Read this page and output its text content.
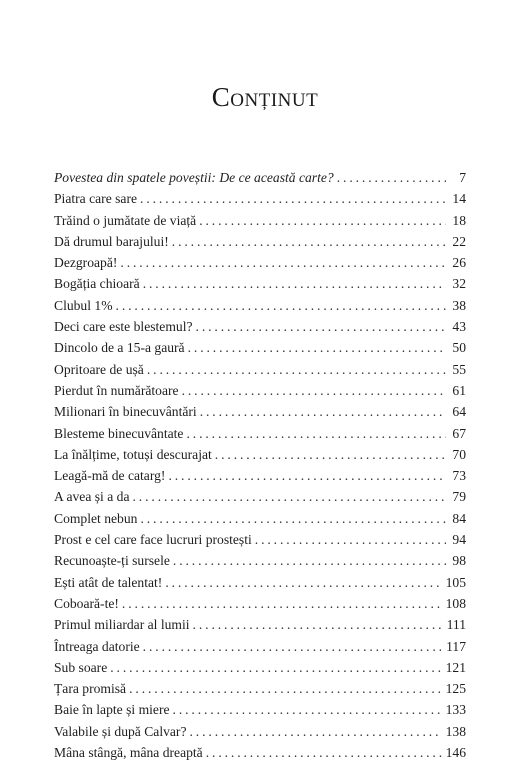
Conținut
Povestea din spatele poveștii: De ce această carte? . . .	7
Piatra care sare . . .	14
Trăind o jumătate de viață . . .	18
Dă drumul barajului! . . .	22
Dezgroapă! . . .	26
Bogăția chioară . . .	32
Clubul 1% . . .	38
Deci care este blestemul? . . .	43
Dincolo de a 15-a gaură . . .	50
Opritoare de ușă . . .	55
Pierdut în numărătoare . . .	61
Milionari în binecuvântări . . .	64
Blesteme binecuvântate . . .	67
La înălțime, totuși descurajat . . .	70
Leagă-mă de catarg! . . .	73
A avea și a da . . .	79
Complet nebun . . .	84
Prost e cel care face lucruri prostești . . .	94
Recunoaște-ți sursele . . .	98
Ești atât de talentat! . . .	105
Coboară-te! . . .	108
Primul miliardar al lumii . . .	111
Întreaga datorie . . .	117
Sub soare . . .	121
Țara promisă . . .	125
Baie în lapte și miere . . .	133
Valabile și după Calvar? . . .	138
Mâna stângă, mâna dreaptă . . .	146
